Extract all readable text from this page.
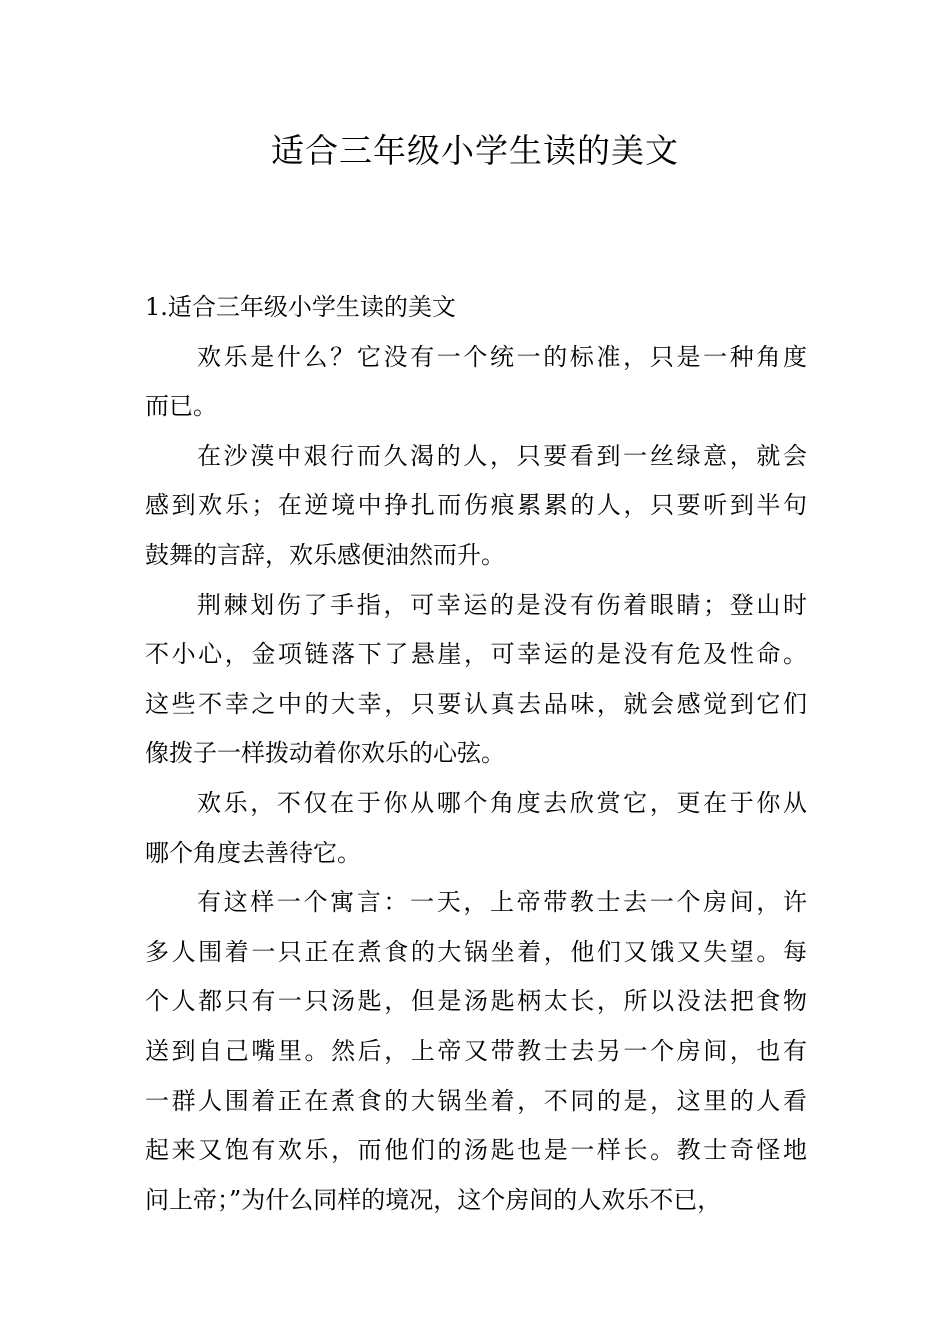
适合三年级小学生读的美文

1.适合三年级小学生读的美文

欢乐是什么？它没有一个统一的标准，只是一种角度
而已。

在沙漠中艰行而久渴的人，只要看到一丝绿意，就会
感到欢乐；在逆境中挣扎而伤痕累累的人，只要听到半句
鼓舞的言辞，欢乐感便油然而升。

荆棘划伤了手指，可幸运的是没有伤着眼睛；登山时
不小心，金项链落下了悬崖，可幸运的是没有危及性命。
这些不幸之中的大幸，只要认真去品味，就会感觉到它们
像拨子一样拨动着你欢乐的心弦。

欢乐，不仅在于你从哪个角度去欣赏它，更在于你从
哪个角度去善待它。

有这样一个寓言：一天，上帝带教士去一个房间，许
多人围着一只正在煮食的大锅坐着，他们又饿又失望。每
个人都只有一只汤匙，但是汤匙柄太长，所以没法把食物
送到自己嘴里。然后，上帝又带教士去另一个房间，也有
一群人围着正在煮食的大锅坐着，不同的是，这里的人看
起来又饱有欢乐，而他们的汤匙也是一样长。教士奇怪地
问上帝；”为什么同样的境况，这个房间的人欢乐不已，
